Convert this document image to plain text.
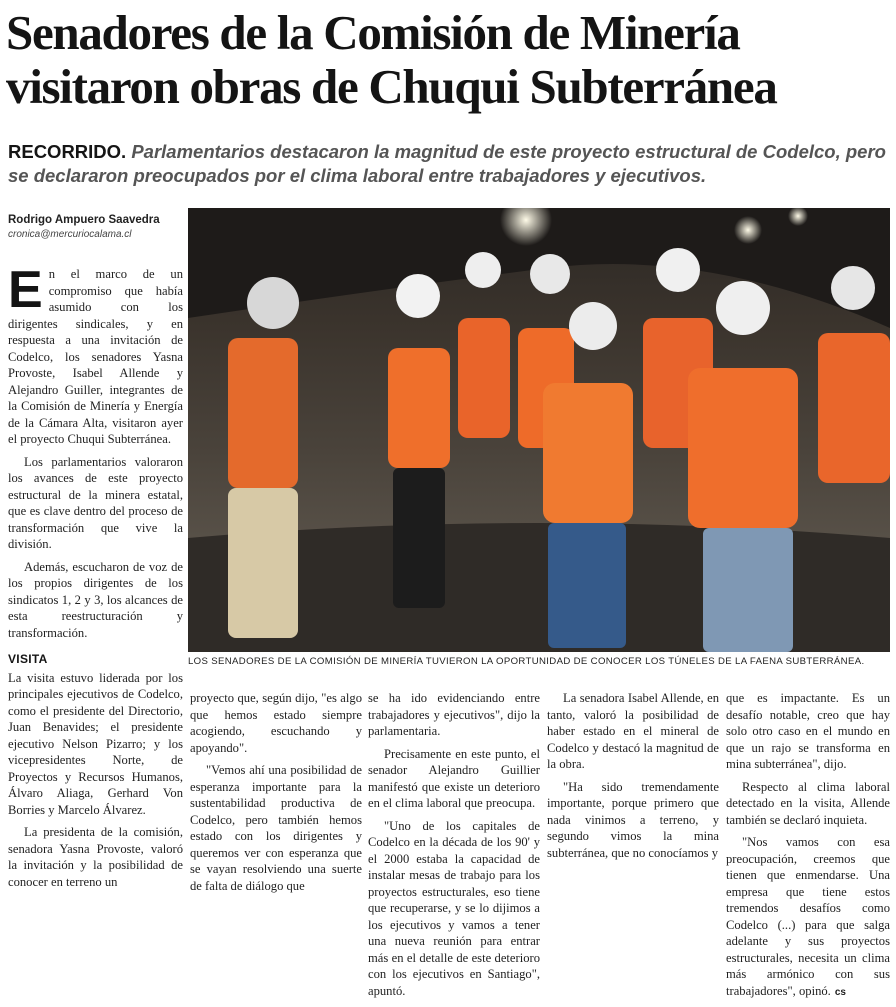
Senadores de la Comisión de Minería
visitaron obras de Chuqui Subterránea
RECORRIDO. Parlamentarios destacaron la magnitud de este proyecto estructural de Codelco, pero se declararon preocupados por el clima laboral entre trabajadores y ejecutivos.
Rodrigo Ampuero Saavedra
cronica@mercuriocalama.cl

En el marco de un compromiso que había asumido con los dirigentes sindicales, y en respuesta a una invitación de Codelco, los senadores Yasna Provoste, Isabel Allende y Alejandro Guiller, integrantes de la Comisión de Minería y Energía de la Cámara Alta, visitaron ayer el proyecto Chuqui Subterránea.

Los parlamentarios valoraron los avances de este proyecto estructural de la minera estatal, que es clave dentro del proceso de transformación que vive la división.

Además, escucharon de voz de los propios dirigentes de los sindicatos 1, 2 y 3, los alcances de esta reestructuración y transformación.

VISITA

La visita estuvo liderada por los principales ejecutivos de Codelco, como el presidente del Directorio, Juan Benavides; el presidente ejecutivo Nelson Pizarro; y los vicepresidentes Norte, de Proyectos y Recursos Humanos, Álvaro Aliaga, Gerhard Von Borries y Marcelo Álvarez.

La presidenta de la comisión, senadora Yasna Provoste, valoró la invitación y la posibilidad de conocer en terreno un

LOS SENADORES DE LA COMISIÓN DE MINERÍA TUVIERON LA OPORTUNIDAD DE CONOCER LOS TÚNELES DE LA FAENA SUBTERRÁNEA.

proyecto que, según dijo, "es algo que hemos estado siempre acogiendo, escuchando y apoyando".

"Vemos ahí una posibilidad de esperanza importante para la sustentabilidad productiva de Codelco, pero también hemos estado con los dirigentes y queremos ver con esperanza que se vayan resolviendo una suerte de falta de diálogo que

se ha ido evidenciando entre trabajadores y ejecutivos", dijo la parlamentaria.

Precisamente en este punto, el senador Alejandro Guillier manifestó que existe un deterioro en el clima laboral que preocupa.

"Uno de los capitales de Codelco en la década de los 90' y el 2000 estaba la capacidad de instalar mesas de trabajo para los proyectos estructurales, eso tiene que recuperarse, y se lo dijimos a los ejecutivos y vamos a tener una nueva reunión para entrar más en el detalle de este deterioro con los ejecutivos en Santiago", apuntó.

La senadora Isabel Allende, en tanto, valoró la posibilidad de haber estado en el mineral de Codelco y destacó la magnitud de la obra.

"Ha sido tremendamente importante, porque primero que nada vinimos a terreno, y segundo vimos la mina subterránea, que no conocíamos y

que es impactante. Es un desafío notable, creo que hay solo otro caso en el mundo en que un rajo se transforma en mina subterránea", dijo.

Respecto al clima laboral detectado en la visita, Allende también se declaró inquieta.

"Nos vamos con esa preocupación, creemos que tienen que enmendarse. Una empresa que tiene estos tremendos desafíos como Codelco (...) para que salga adelante y sus proyectos estructurales, necesita un clima más armónico con sus trabajadores", opinó. cs
